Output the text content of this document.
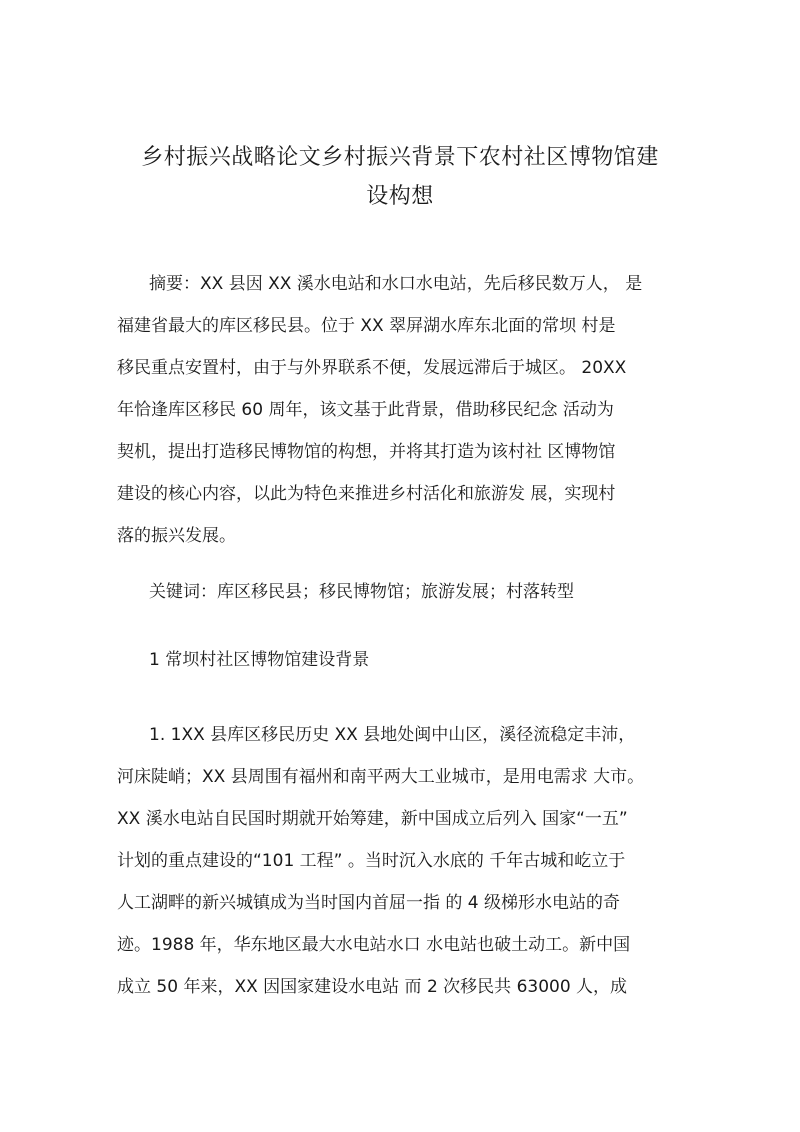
乡村振兴战略论文乡村振兴背景下农村社区博物馆建
设构想
摘要：XX 县因 XX 溪水电站和水口水电站，先后移民数万人， 是
福建省最大的库区移民县。位于 XX 翠屏湖水库东北面的常坝 村是
移民重点安置村，由于与外界联系不便，发展远滞后于城区。 20XX
年恰逢库区移民 60 周年，该文基于此背景，借助移民纪念 活动为
契机，提出打造移民博物馆的构想，并将其打造为该村社 区博物馆
建设的核心内容，以此为特色来推进乡村活化和旅游发 展，实现村
落的振兴发展。
关键词：库区移民县；移民博物馆；旅游发展；村落转型
1 常坝村社区博物馆建设背景
1. 1XX 县库区移民历史 XX 县地处闽中山区，溪径流稳定丰沛，
河床陡峭；XX 县周围有福州和南平两大工业城市，是用电需求 大市。
XX 溪水电站自民国时期就开始筹建，新中国成立后列入 国家“一五”
计划的重点建设的“101 工程” 。当时沉入水底的 千年古城和屹立于
人工湖畔的新兴城镇成为当时国内首屈一指 的 4 级梯形水电站的奇
迹。1988 年，华东地区最大水电站水口 水电站也破土动工。新中国
成立 50 年来，XX 因国家建设水电站 而 2 次移民共 63000 人，成
